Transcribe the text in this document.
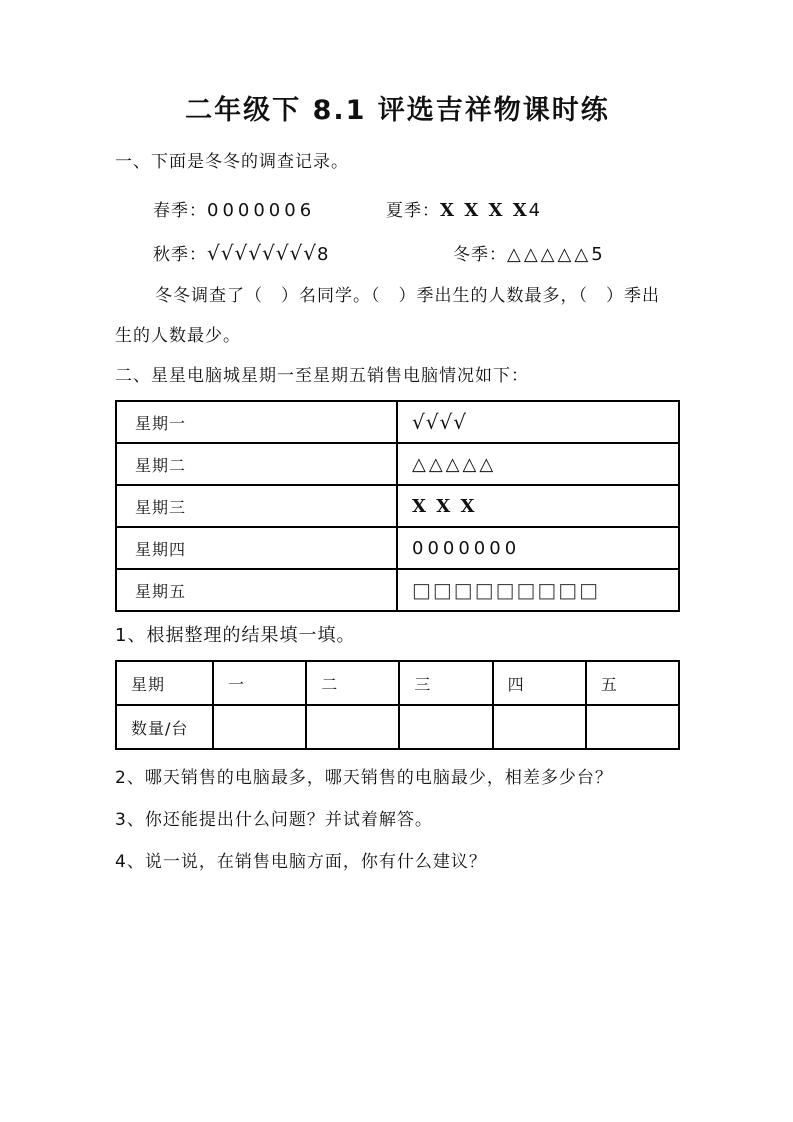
二年级下 8.1 评选吉祥物课时练

一、下面是冬冬的调查记录。

春季：0000006	夏季：X X X X4
秋季：√√√√√√√√8	冬季：△△△△△5

冬冬调查了（　）名同学。（　）季出生的人数最多，（　）季出

生的人数最少。

二、星星电脑城星期一至星期五销售电脑情况如下：

星期一	√√√√
星期二	△△△△△
星期三	X X X
星期四	0000000
星期五	□□□□□□□□□

1、根据整理的结果填一填。

星期	一	二	三	四	五
数量/台					

2、哪天销售的电脑最多，哪天销售的电脑最少，相差多少台？

3、你还能提出什么问题？并试着解答。

4、说一说，在销售电脑方面，你有什么建议？
